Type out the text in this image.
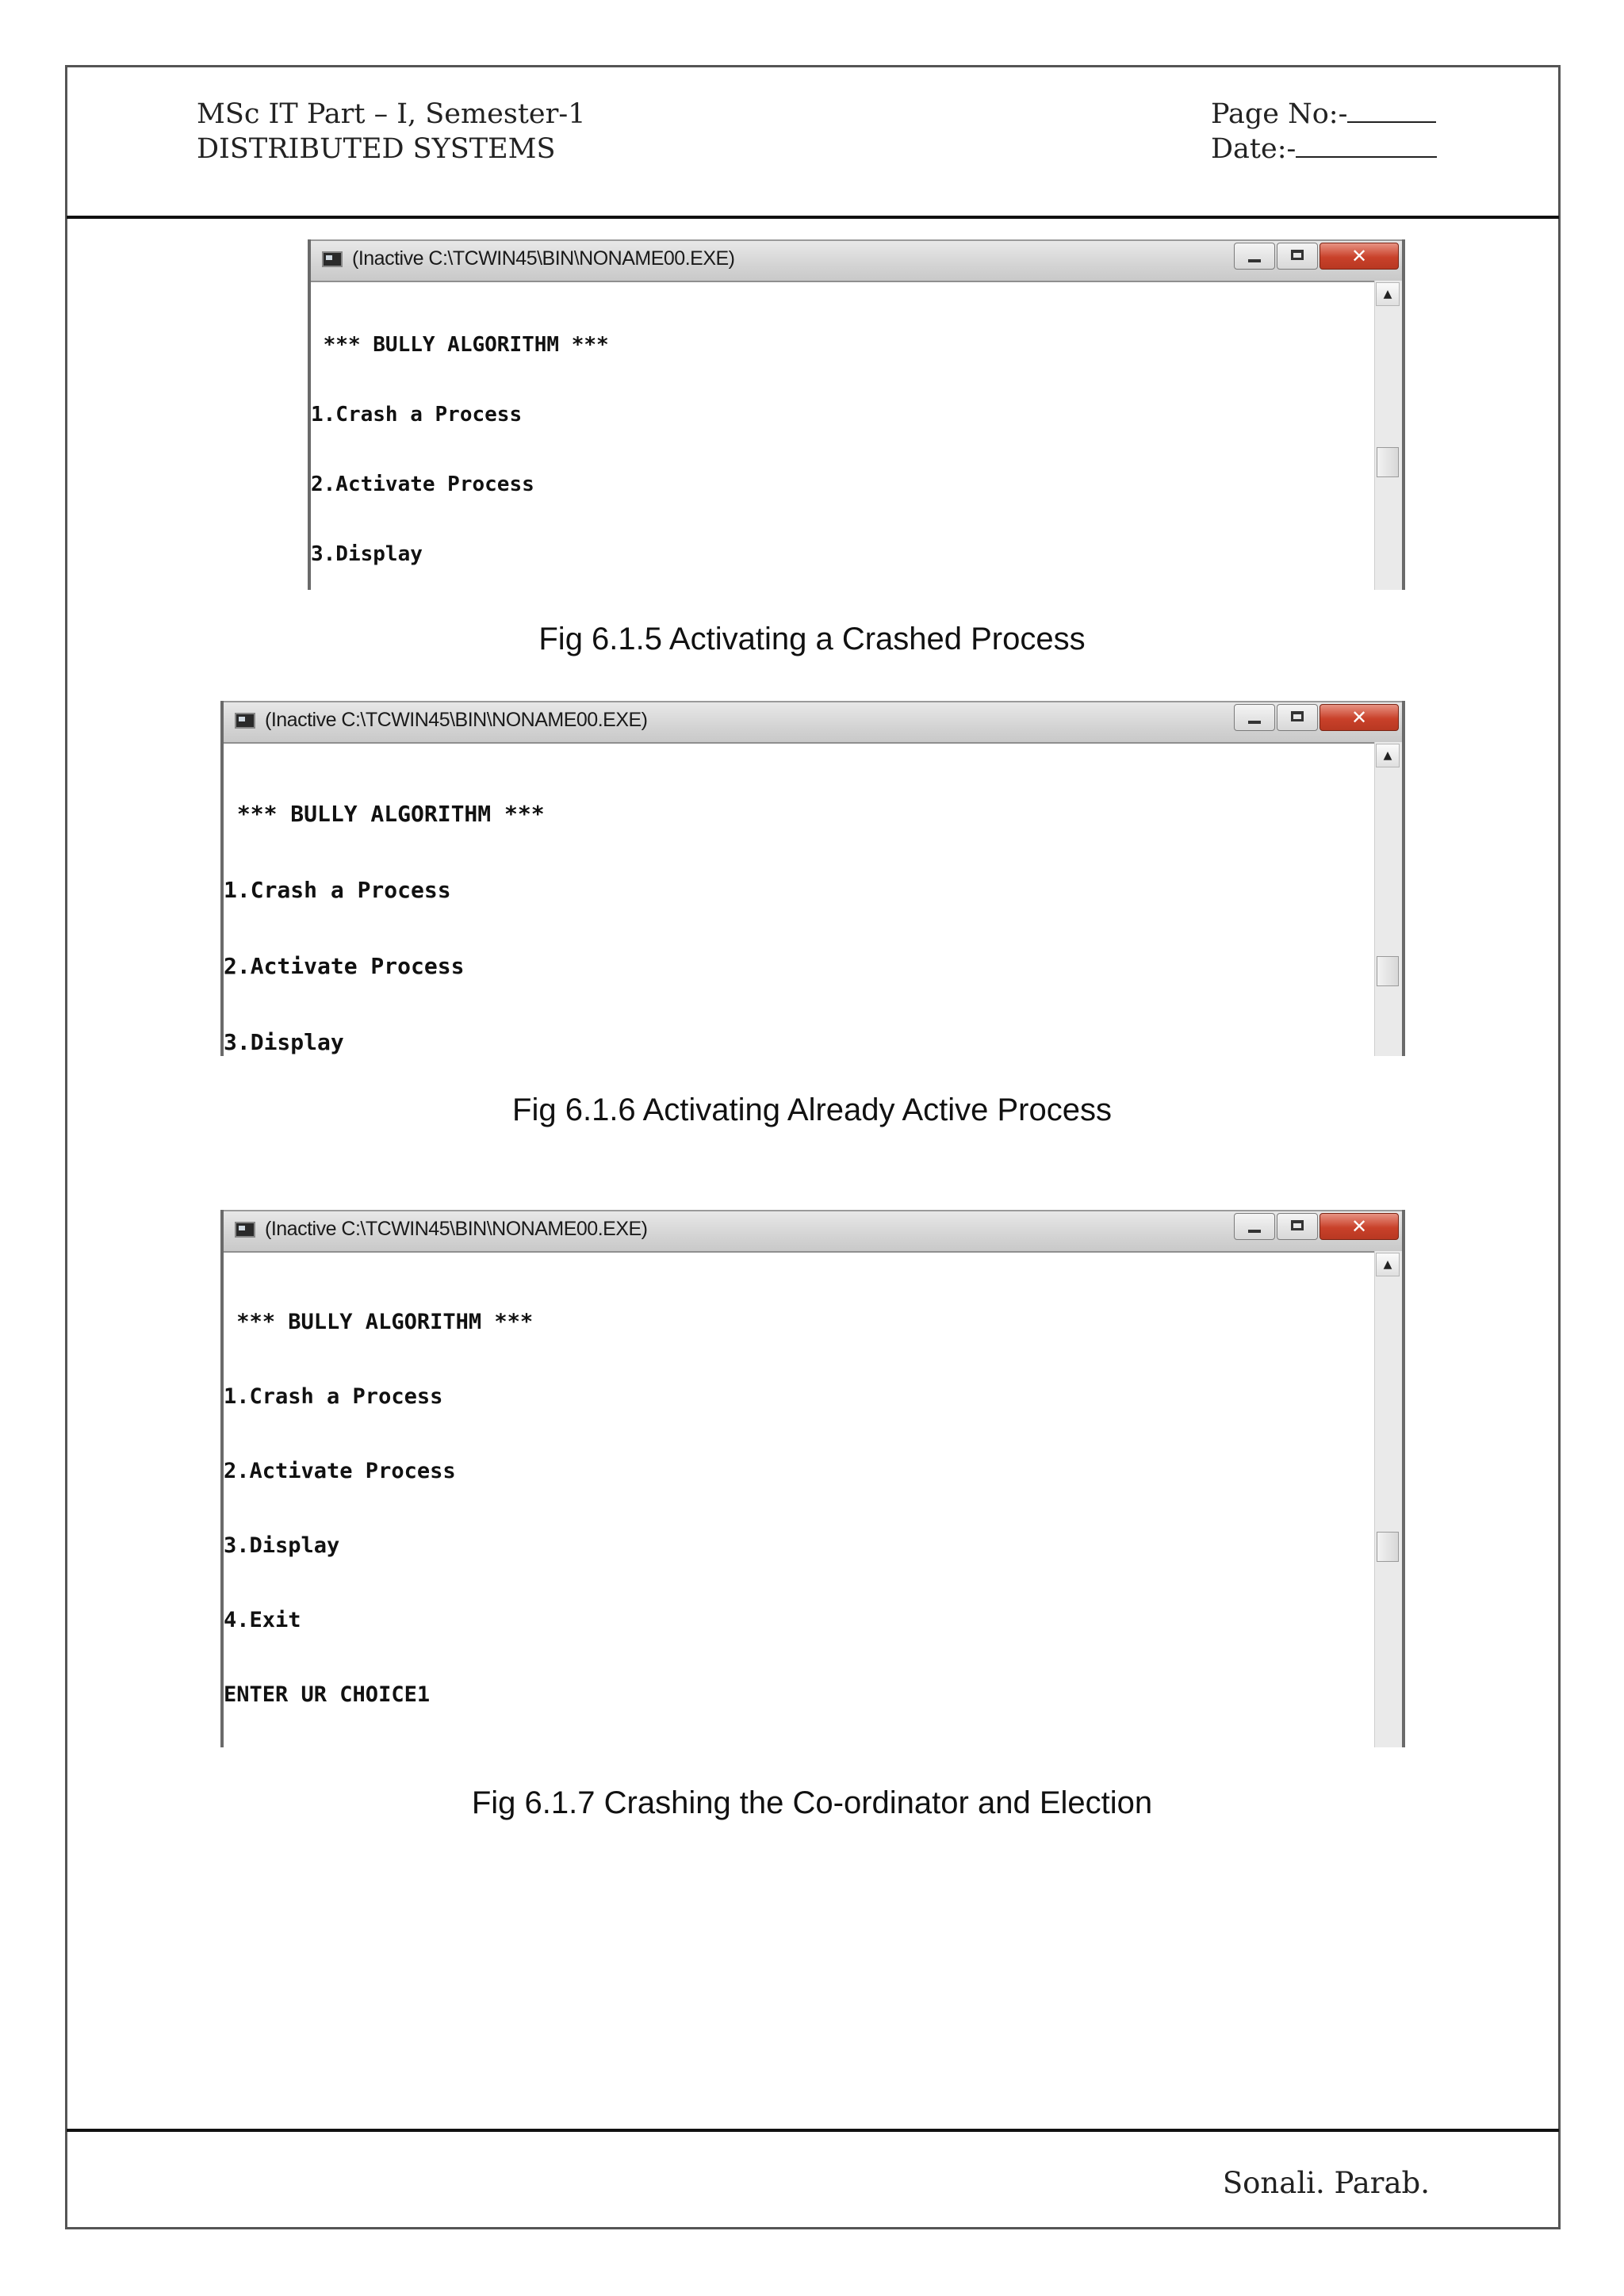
MSc IT Part – I, Semester-1
DISTRIBUTED SYSTEMS
Page No:-
Date:-
(Inactive C:\TCWIN45\BIN\NONAME00.EXE)	✕

*** BULLY ALGORITHM ***

1.Crash a Process

2.Activate Process

3.Display

▲
Fig 6.1.5 Activating a Crashed Process
(Inactive C:\TCWIN45\BIN\NONAME00.EXE)	✕

*** BULLY ALGORITHM ***

1.Crash a Process

2.Activate Process

3.Display

▲
Fig 6.1.6 Activating Already Active Process
(Inactive C:\TCWIN45\BIN\NONAME00.EXE)	✕

*** BULLY ALGORITHM ***

1.Crash a Process

2.Activate Process

3.Display

4.Exit

ENTER UR CHOICE1

▲
Fig 6.1.7 Crashing the Co-ordinator and Election
Sonali. Parab.
